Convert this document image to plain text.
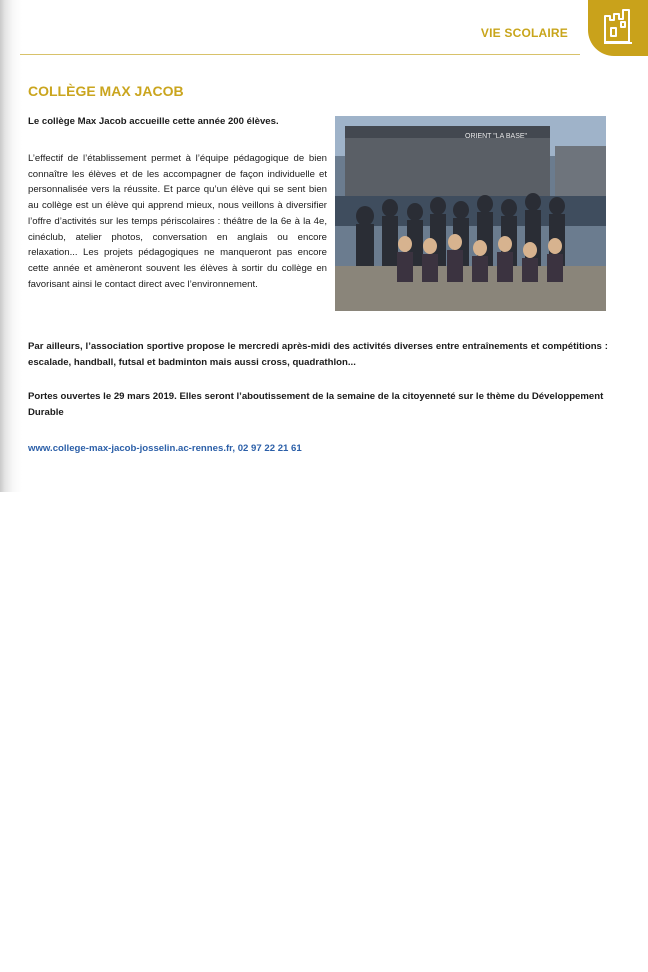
VIE SCOLAIRE
COLLÈGE MAX JACOB
Le collège Max Jacob accueille cette année 200 élèves.
L’effectif de l’établissement permet à l’équipe pédagogique de bien connaître les élèves et de les accompagner de façon individuelle et personnalisée vers la réussite. Et parce qu’un élève qui se sent bien au collège est un élève qui apprend mieux, nous veillons à diversifier l’offre d’activités sur les temps périscolaires : théâtre de la 6e à la 4e, cinéclub, atelier photos, conversation en anglais ou encore relaxation... Les projets pédagogiques ne manqueront pas encore cette année et amèneront souvent les élèves à sortir du collège en favorisant ainsi le contact direct avec l’environnement.
ORIENT "LA BASE"
Par ailleurs, l’association sportive propose le mercredi après-midi des activités diverses entre entraînements et compétitions : escalade, handball, futsal et badminton mais aussi cross, quadrathlon...
Portes ouvertes le 29 mars 2019. Elles seront l’aboutissement de la semaine de la citoyenneté sur le thème du Développement Durable
www.college-max-jacob-josselin.ac-rennes.fr, 02 97 22 21 61
